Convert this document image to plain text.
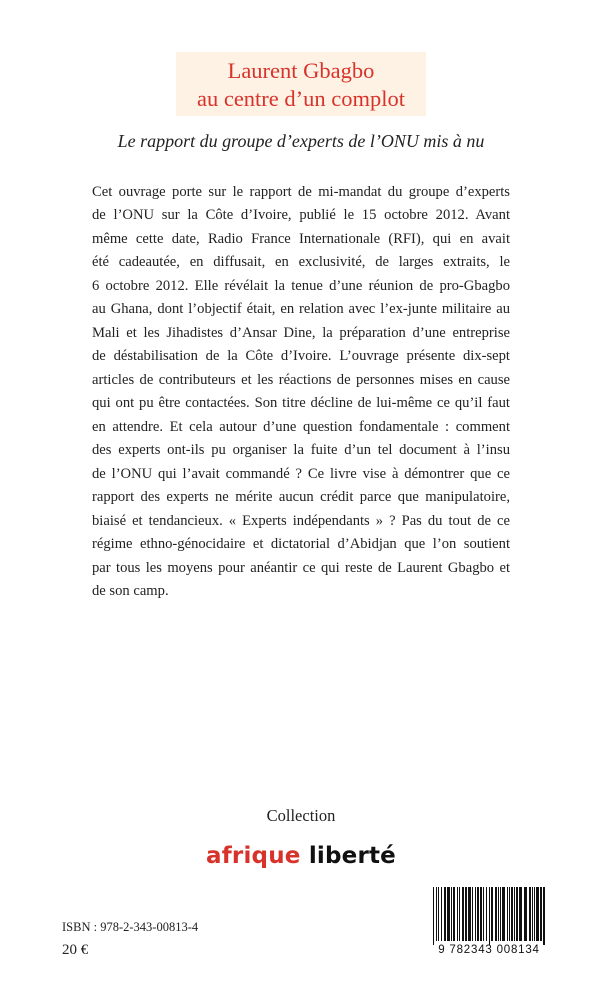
Laurent Gbagbo
au centre d’un complot
Le rapport du groupe d’experts de l’ONU mis à nu
Cet ouvrage porte sur le rapport de mi-mandat du groupe d’experts
de l’ONU sur la Côte d’Ivoire, publié le 15 octobre 2012. Avant
même cette date, Radio France Internationale (RFI), qui en avait
été cadeautée, en diffusait, en exclusivité, de larges extraits, le
6 octobre 2012. Elle révélait la tenue d’une réunion de pro-Gbagbo
au Ghana, dont l’objectif était, en relation avec l’ex-junte militaire au
Mali et les Jihadistes d’Ansar Dine, la préparation d’une entreprise
de déstabilisation de la Côte d’Ivoire. L’ouvrage présente dix-sept
articles de contributeurs et les réactions de personnes mises en cause
qui ont pu être contactées. Son titre décline de lui-même ce qu’il faut
en attendre. Et cela autour d’une question fondamentale : comment
des experts ont-ils pu organiser la fuite d’un tel document à l’insu
de l’ONU qui l’avait commandé ? Ce livre vise à démontrer que ce
rapport des experts ne mérite aucun crédit parce que manipulatoire,
biaisé et tendancieux. « Experts indépendants » ? Pas du tout de ce
régime ethno-génocidaire et dictatorial d’Abidjan que l’on soutient
par tous les moyens pour anéantir ce qui reste de Laurent Gbagbo et
de son camp.
Collection
afrique liberté
ISBN : 978-2-343-00813-4
20 €	9 782343 008134
